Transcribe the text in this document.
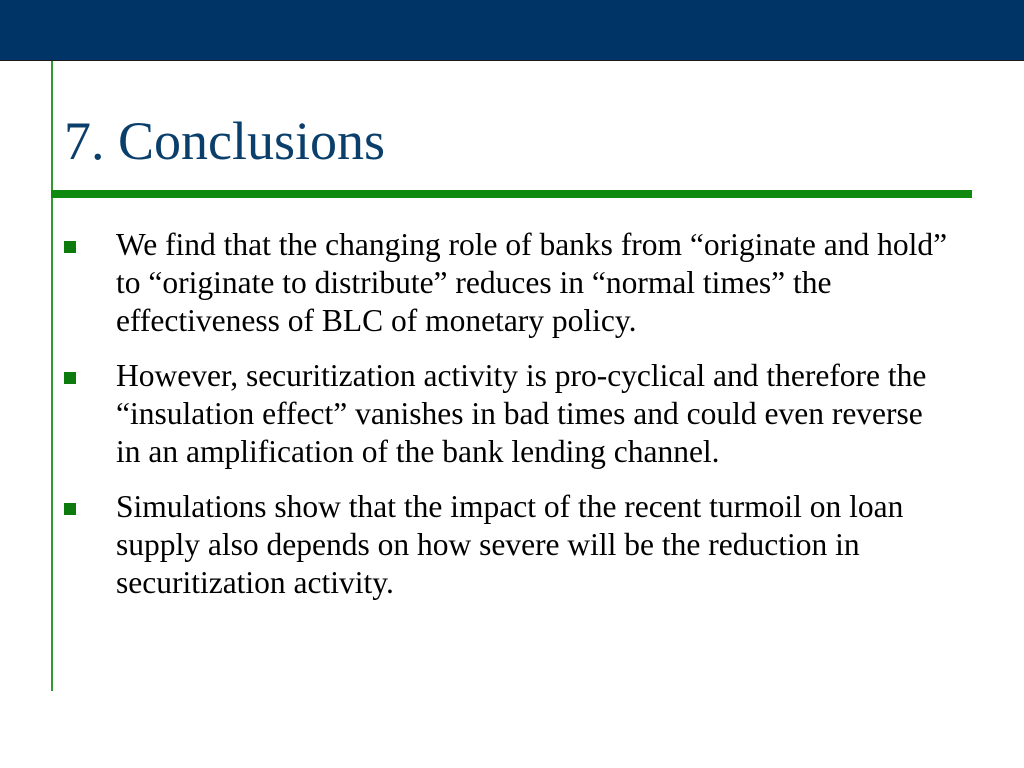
7. Conclusions
We find that the changing role of banks from “originate and hold” to “originate to distribute” reduces in “normal times” the effectiveness of BLC of monetary policy.
However, securitization activity is pro-cyclical and therefore the “insulation effect” vanishes in bad times and could even reverse in an amplification of the bank lending channel.
Simulations show that the impact of the recent turmoil on loan supply also depends on how severe will be the reduction in securitization activity.
